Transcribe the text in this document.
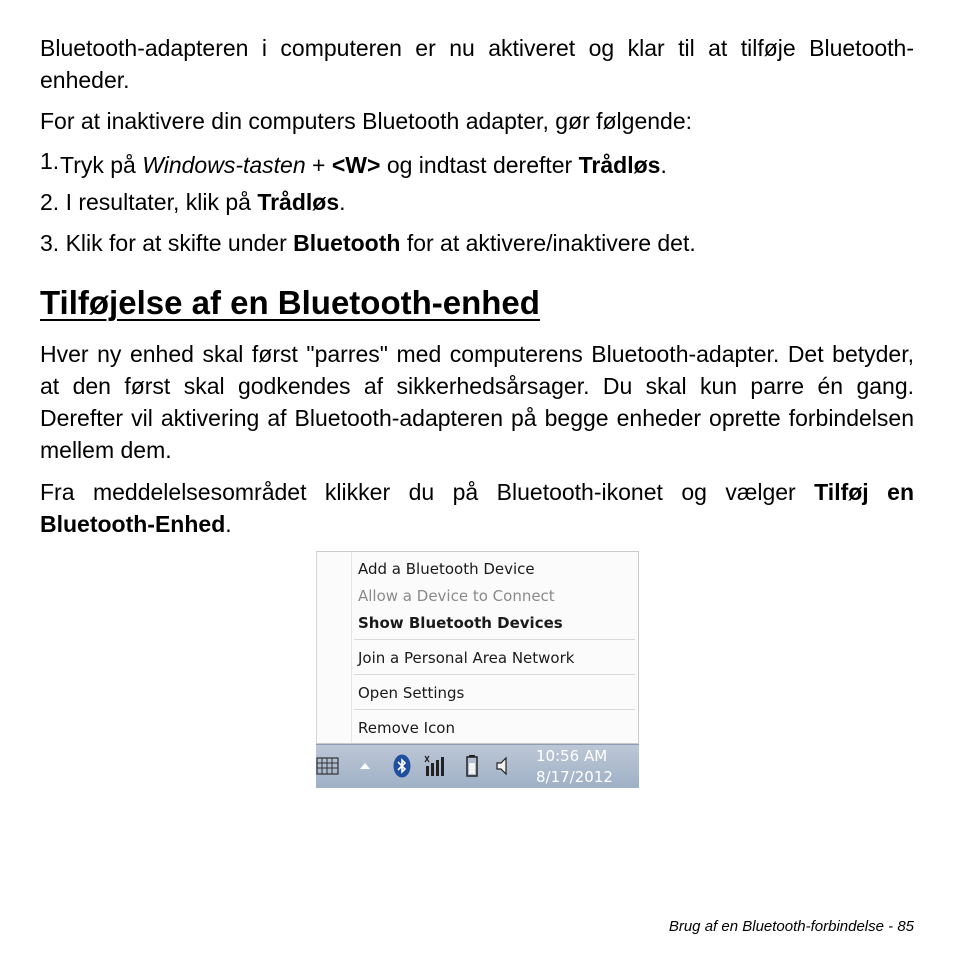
Bluetooth-adapteren i computeren er nu aktiveret og klar til at tilføje Bluetooth-enheder.

For at inaktivere din computers Bluetooth adapter, gør følgende:

1. Tryk på Windows-tasten + <W> og indtast derefter Trådløs.

2. I resultater, klik på Trådløs.

3. Klik for at skifte under Bluetooth for at aktivere/inaktivere det.

Tilføjelse af en Bluetooth-enhed

Hver ny enhed skal først "parres" med computerens Bluetooth-adapter. Det betyder, at den først skal godkendes af sikkerhedsårsager. Du skal kun parre én gang. Derefter vil aktivering af Bluetooth-adapteren på begge enheder oprette forbindelsen mellem dem.

Fra meddelelsesområdet klikker du på Bluetooth-ikonet og vælger Tilføj en Bluetooth-Enhed.

Add a Bluetooth Device
Allow a Device to Connect
Show Bluetooth Devices
Join a Personal Area Network
Open Settings
Remove Icon
10:56 AM
8/17/2012
Brug af en Bluetooth-forbindelse - 85
